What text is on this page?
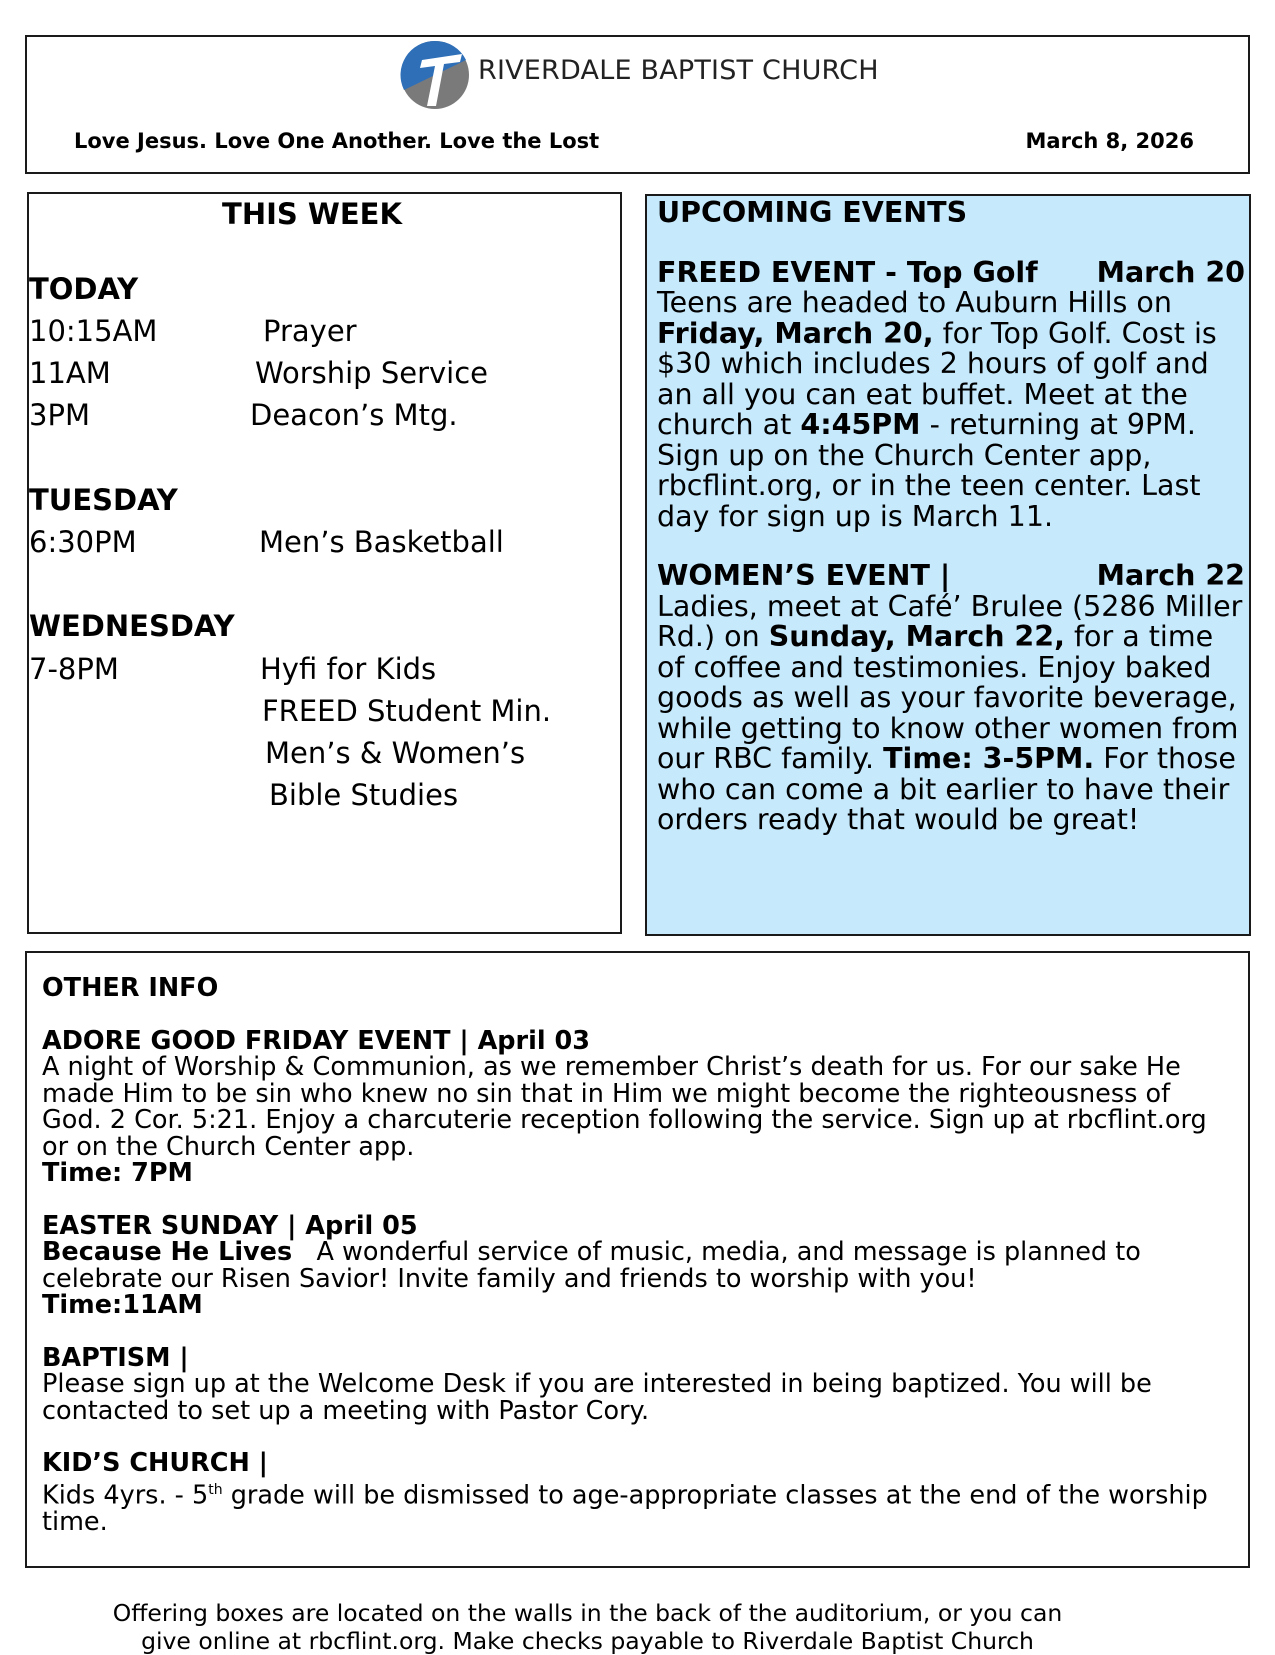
RIVERDALE BAPTIST CHURCH
Love Jesus. Love One Another. Love the Lost	March 8, 2026
THIS WEEK
TODAY
10:15AM	Prayer
11AM	Worship Service
3PM	Deacon’s Mtg.
TUESDAY
6:30PM	Men’s Basketball
WEDNESDAY
7-8PM	Hyfi for Kids
FREED Student Min.
Men’s & Women’s
Bible Studies
UPCOMING EVENTS
FREED EVENT - Top Golf March 20

Teens are headed to Auburn Hills on Friday, March 20, for Top Golf. Cost is $30 which includes 2 hours of golf and an all you can eat buffet. Meet at the church at 4:45PM - returning at 9PM. Sign up on the Church Center app, rbcflint.org, or in the teen center. Last day for sign up is March 11.

WOMEN’S EVENT |	March 22

Ladies, meet at Café’ Brulee (5286 Miller Rd.) on Sunday, March 22, for a time of coffee and testimonies. Enjoy baked goods as well as your favorite beverage, while getting to know other women from our RBC family. Time: 3-5PM. For those who can come a bit earlier to have their orders ready that would be great!

OTHER INFO

ADORE GOOD FRIDAY EVENT | April 03

A night of Worship & Communion, as we remember Christ’s death for us. For our sake He made Him to be sin who knew no sin that in Him we might become the righteousness of God. 2 Cor. 5:21. Enjoy a charcuterie reception following the service. Sign up at rbcflint.org or on the Church Center app.

Time: 7PM

EASTER SUNDAY | April 05

Because He Lives A wonderful service of music, media, and message is planned to celebrate our Risen Savior! Invite family and friends to worship with you!

Time:11AM

BAPTISM |

Please sign up at the Welcome Desk if you are interested in being baptized. You will be contacted to set up a meeting with Pastor Cory.

KID’S CHURCH |

Kids 4yrs. - 5th grade will be dismissed to age-appropriate classes at the end of the worship time.

Offering boxes are located on the walls in the back of the auditorium, or you can
give online at rbcflint.org. Make checks payable to Riverdale Baptist Church
